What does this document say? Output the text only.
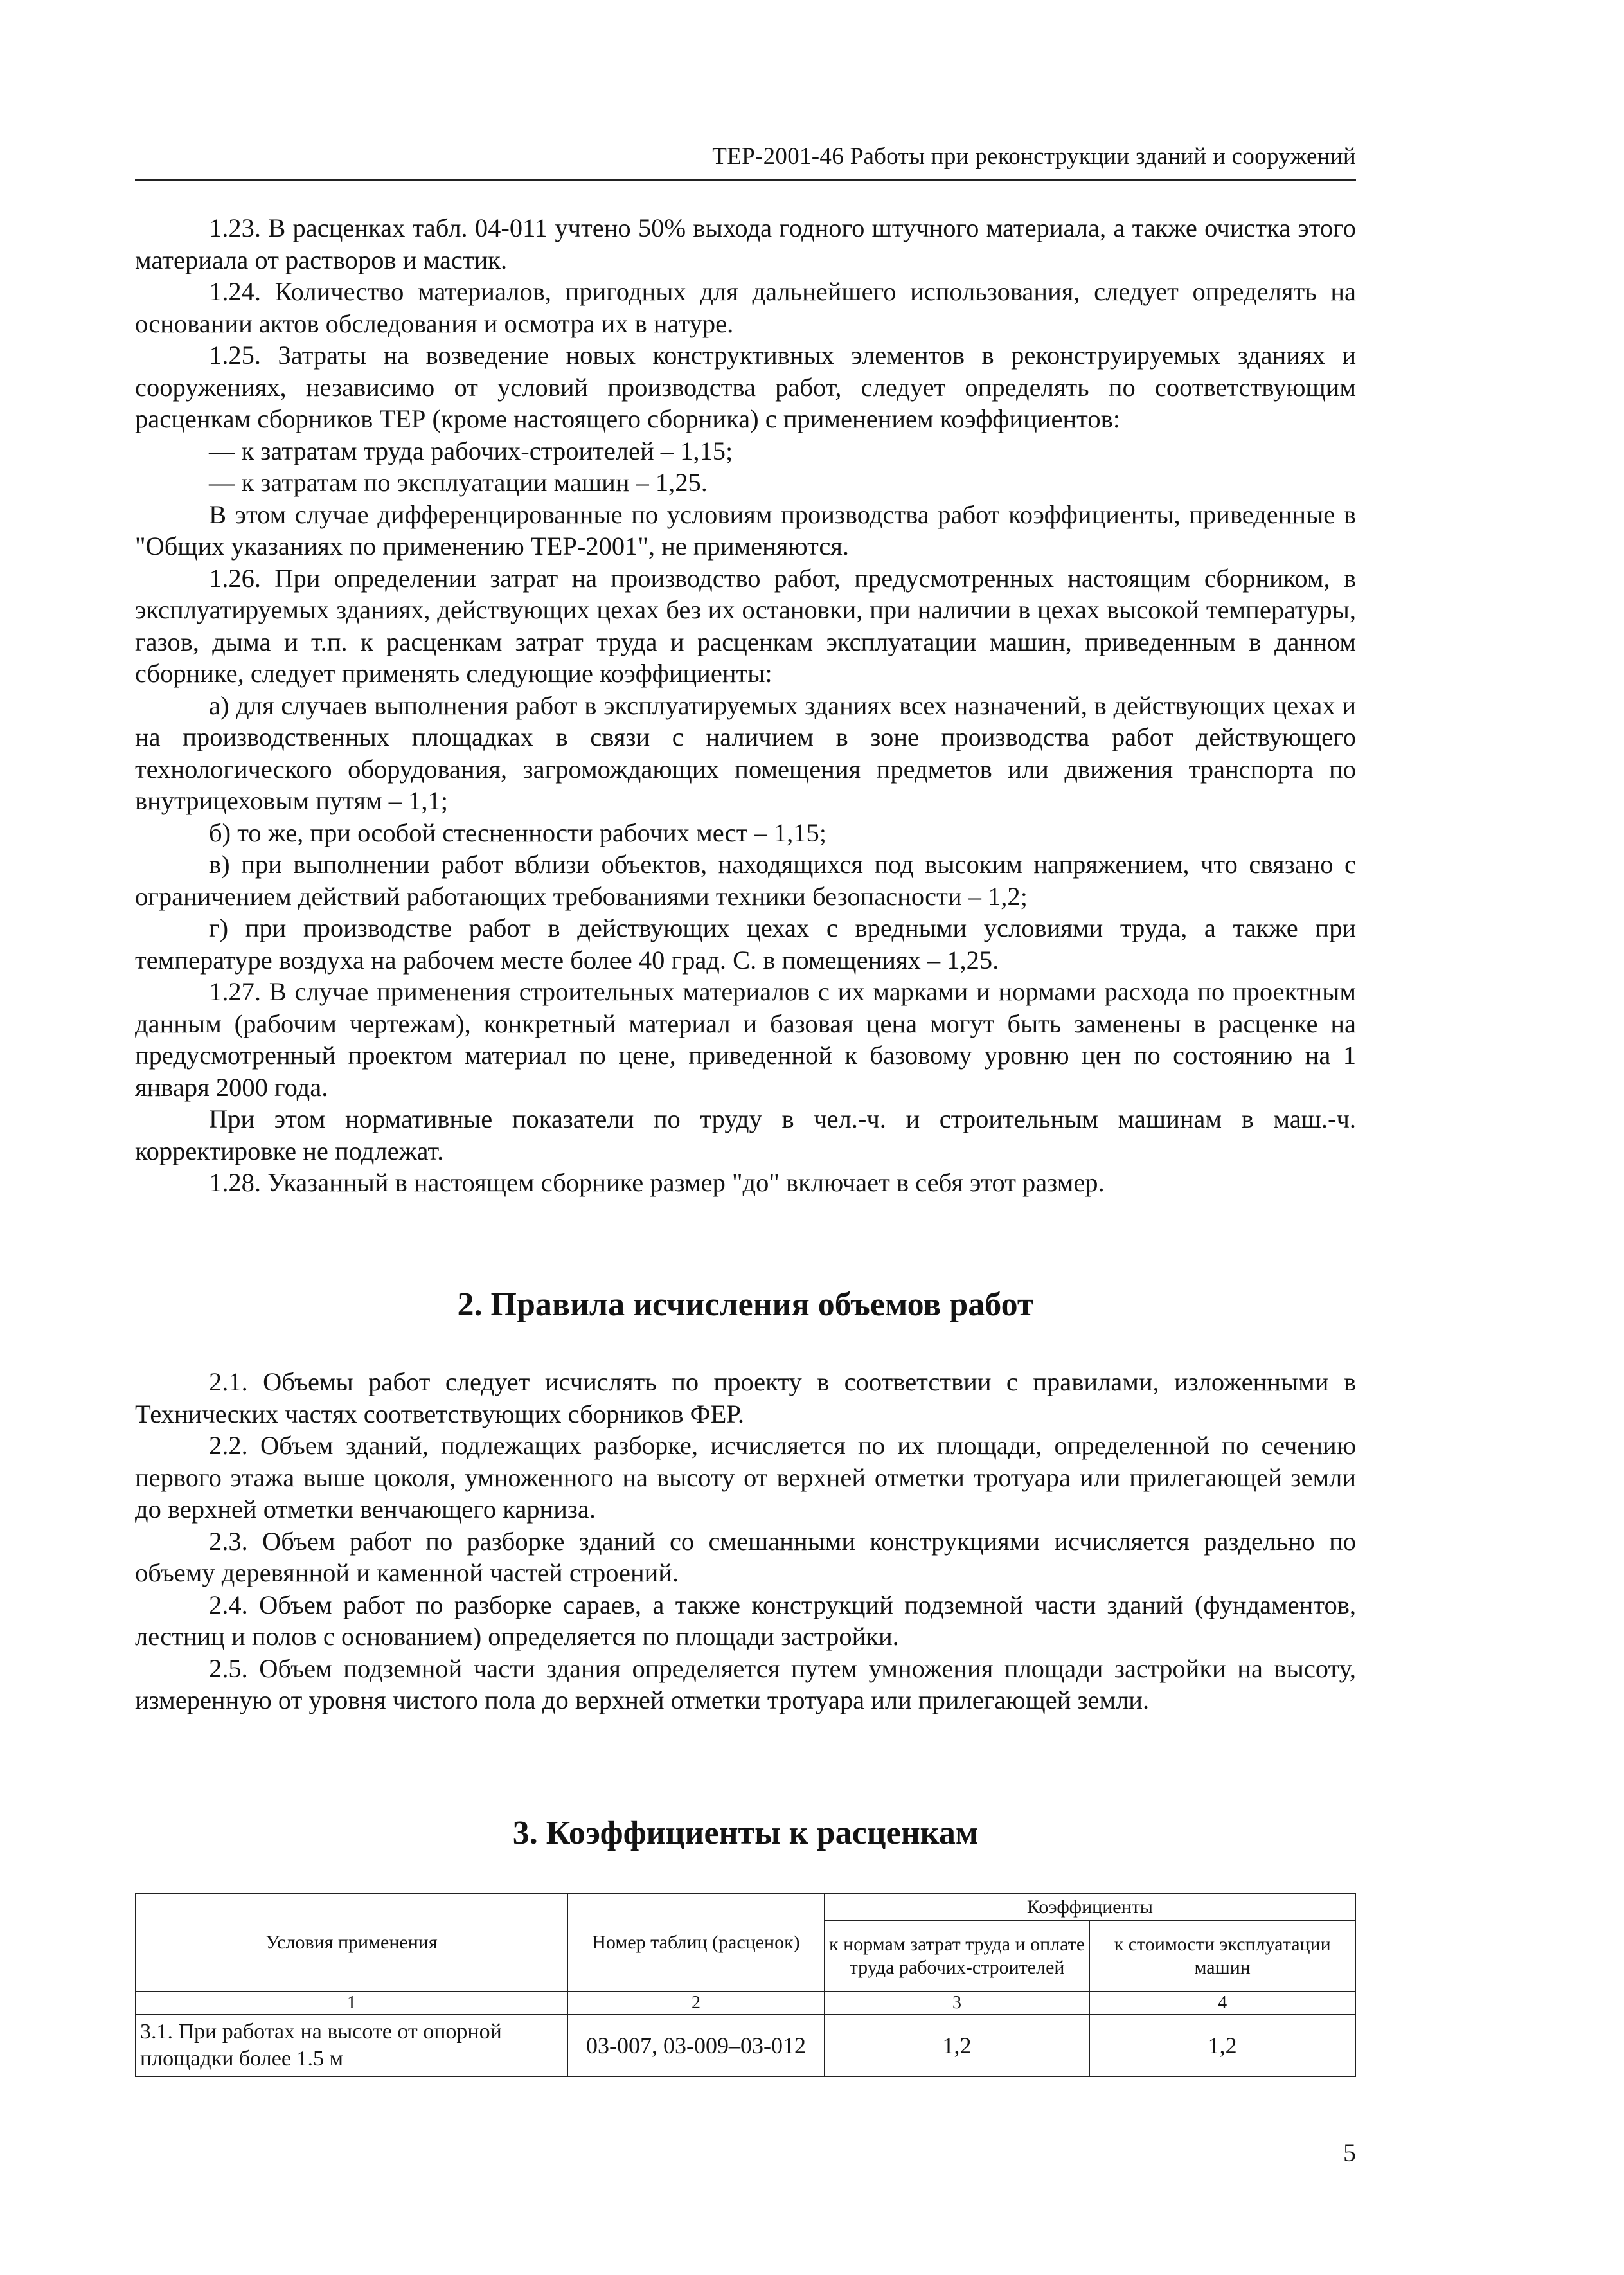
ТЕР-2001-46 Работы при реконструкции зданий и сооружений

1.23. В расценках табл. 04-011 учтено 50% выхода годного штучного материала, а также очистка этого материала от растворов и мастик.

1.24. Количество материалов, пригодных для дальнейшего использования, следует определять на основании актов обследования и осмотра их в натуре.

1.25. Затраты на возведение новых конструктивных элементов в реконструируемых зданиях и сооружениях, независимо от условий производства работ, следует определять по соответствующим расценкам сборников ТЕР (кроме настоящего сборника) с применением коэффициентов:

— к затратам труда рабочих-строителей – 1,15;

— к затратам по эксплуатации машин – 1,25.

В этом случае дифференцированные по условиям производства работ коэффициенты, приведенные в "Общих указаниях по применению ТЕР-2001", не применяются.

1.26. При определении затрат на производство работ, предусмотренных настоящим сборником, в эксплуатируемых зданиях, действующих цехах без их остановки, при наличии в цехах высокой температуры, газов, дыма и т.п. к расценкам затрат труда и расценкам эксплуатации машин, приведенным в данном сборнике, следует применять следующие коэффициенты:

а) для случаев выполнения работ в эксплуатируемых зданиях всех назначений, в действующих цехах и на производственных площадках в связи с наличием в зоне производства работ действующего технологического оборудования, загромождающих помещения предметов или движения транспорта по внутрицеховым путям – 1,1;

б) то же, при особой стесненности рабочих мест – 1,15;

в) при выполнении работ вблизи объектов, находящихся под высоким напряжением, что связано с ограничением действий работающих требованиями техники безопасности – 1,2;

г) при производстве работ в действующих цехах с вредными условиями труда, а также при температуре воздуха на рабочем месте более 40 град. С. в помещениях – 1,25.

1.27. В случае применения строительных материалов с их марками и нормами расхода по проектным данным (рабочим чертежам), конкретный материал и базовая цена могут быть заменены в расценке на предусмотренный проектом материал по цене, приведенной к базовому уровню цен по состоянию на 1 января 2000 года.

При этом нормативные показатели по труду в чел.-ч. и строительным машинам в маш.-ч. корректировке не подлежат.

1.28. Указанный в настоящем сборнике размер "до" включает в себя этот размер.

2. Правила исчисления объемов работ

2.1. Объемы работ следует исчислять по проекту в соответствии с правилами, изложенными в Технических частях соответствующих сборников ФЕР.

2.2. Объем зданий, подлежащих разборке, исчисляется по их площади, определенной по сечению первого этажа выше цоколя, умноженного на высоту от верхней отметки тротуара или прилегающей земли до верхней отметки венчающего карниза.

2.3. Объем работ по разборке зданий со смешанными конструкциями исчисляется раздельно по объему деревянной и каменной частей строений.

2.4. Объем работ по разборке сараев, а также конструкций подземной части зданий (фундаментов, лестниц и полов с основанием) определяется по площади застройки.

2.5. Объем подземной части здания определяется путем умножения площади застройки на высоту, измеренную от уровня чистого пола до верхней отметки тротуара или прилегающей земли.

3. Коэффициенты к расценкам
Условия применения	Номер таблиц (расценок)	Коэффициенты	
		к нормам затрат труда и оплате труда рабочих-строителей	к стоимости эксплуатации машин
1	2	3	4
3.1. При работах на высоте от опорной площадки более 1.5 м	03-007, 03-009–03-012	1,2	1,2
5
